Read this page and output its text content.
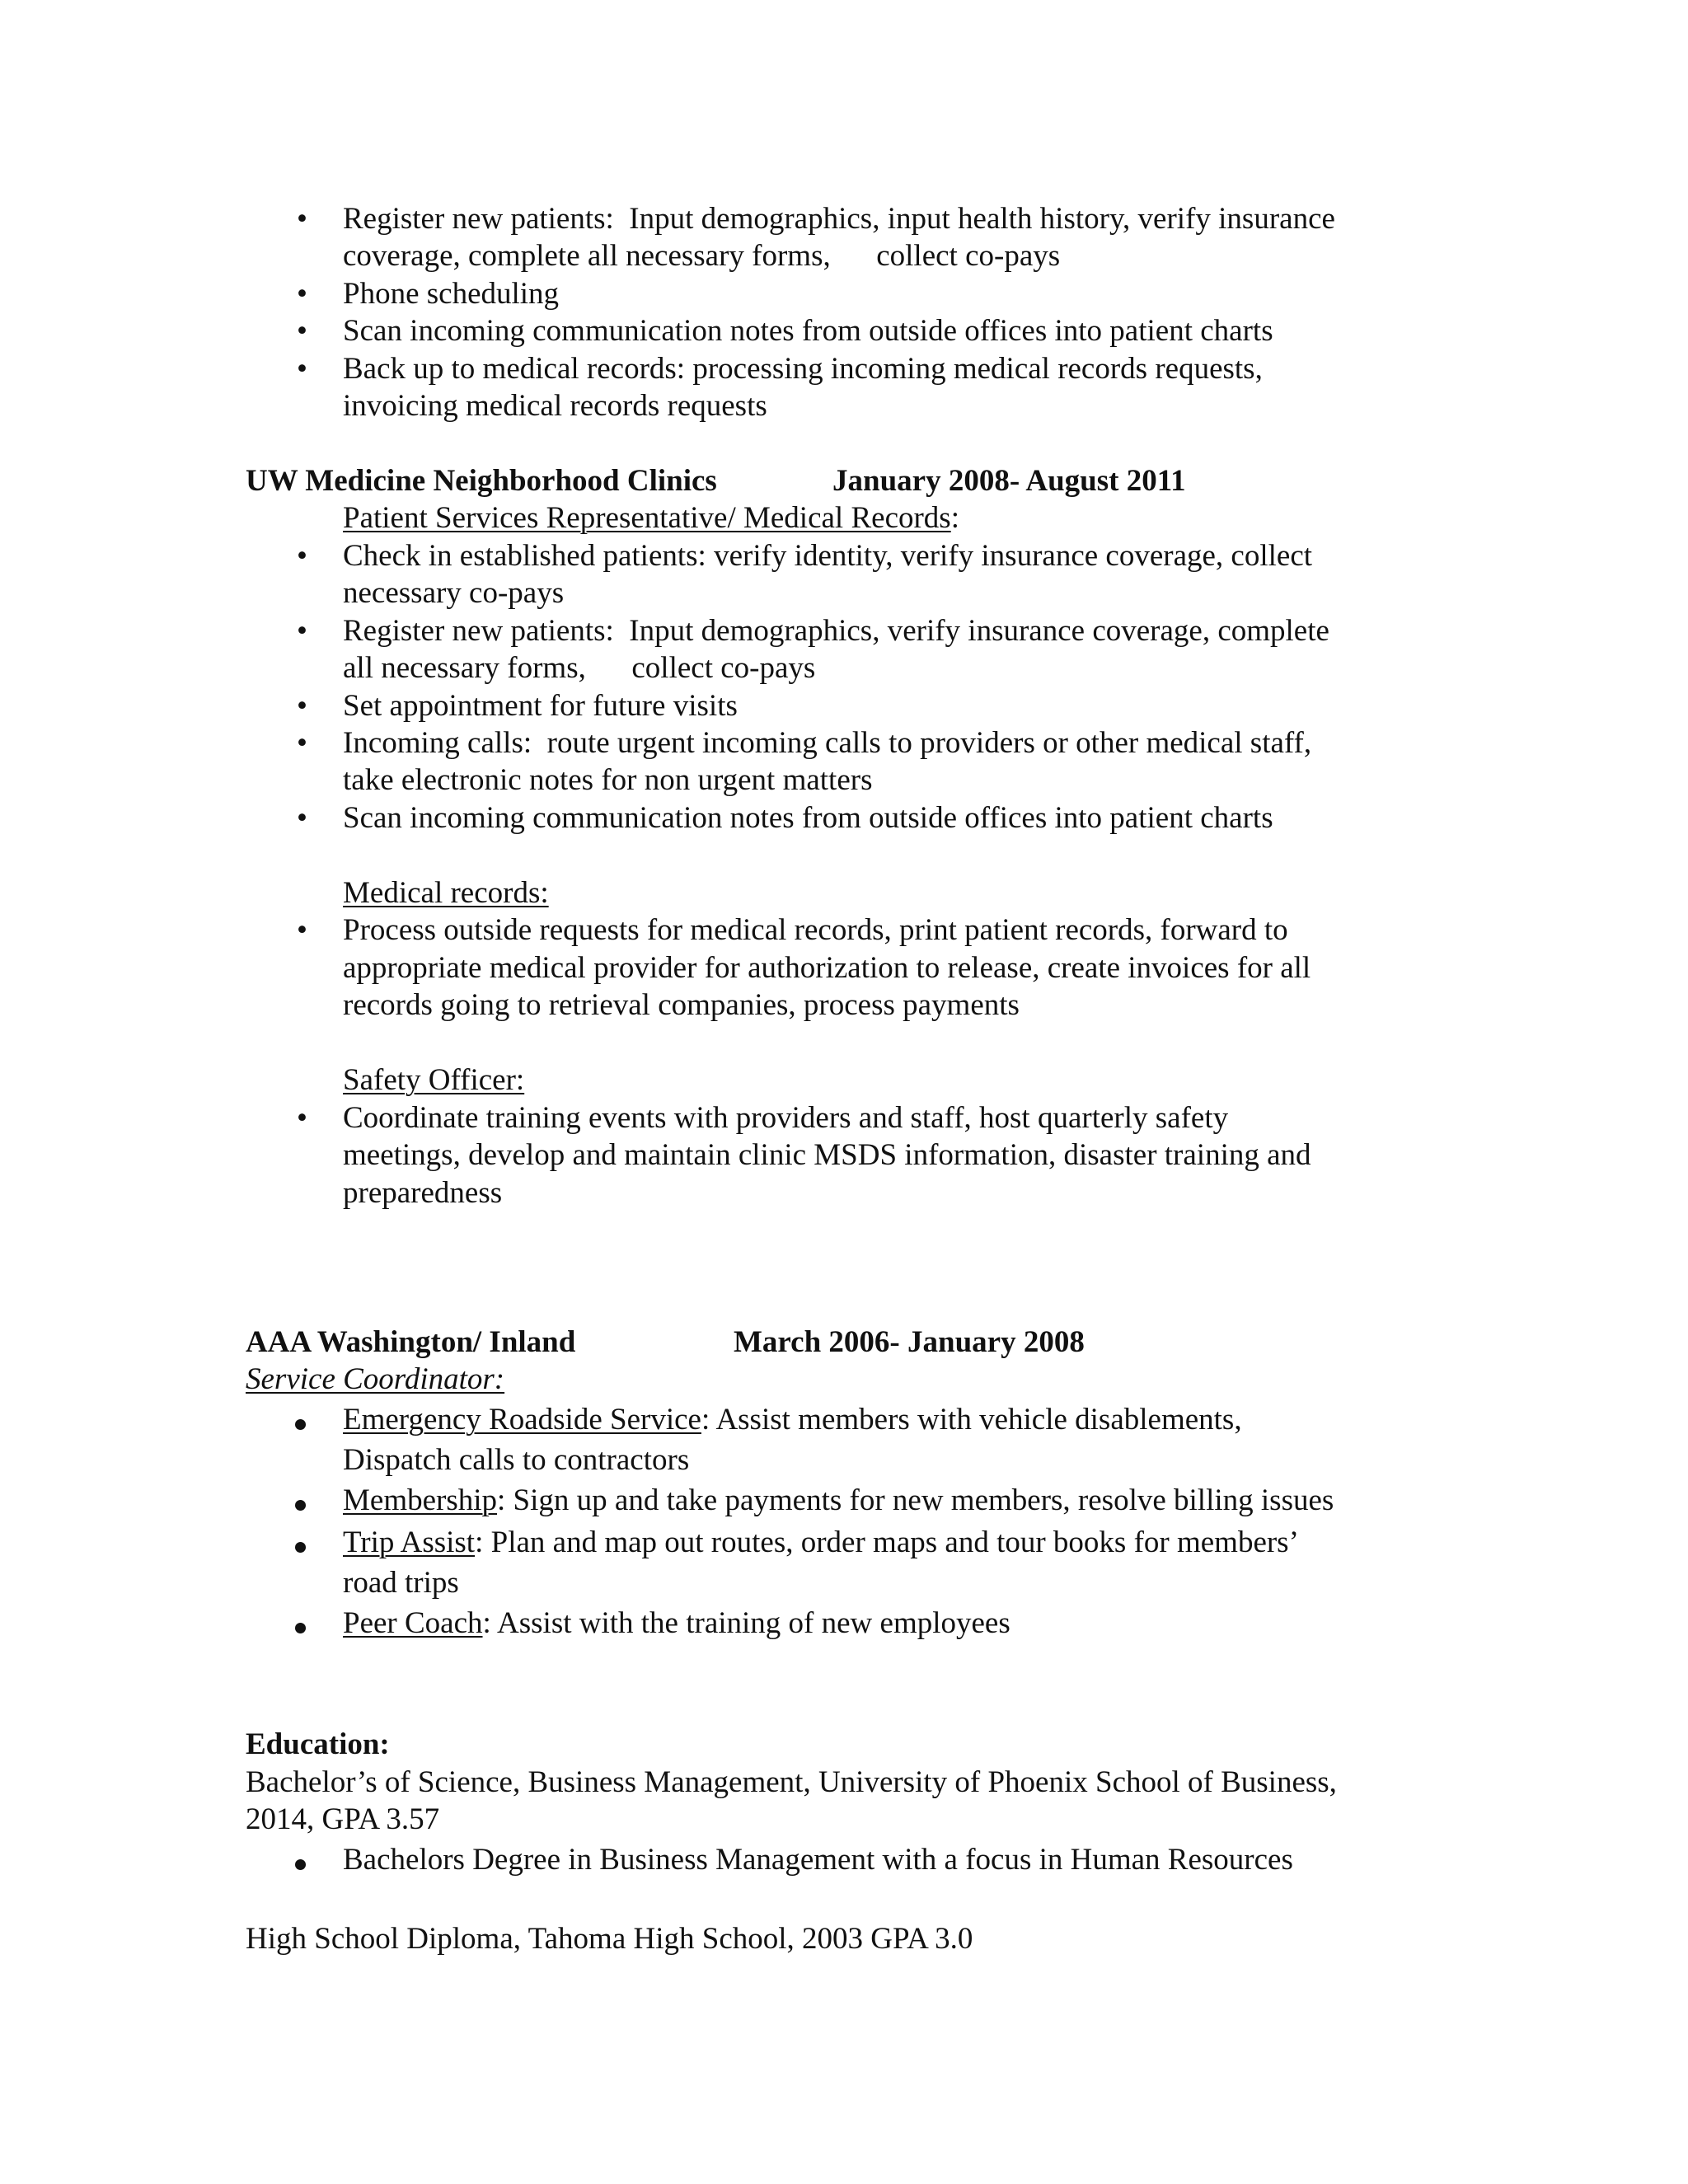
• Register new patients:  Input demographics, input health history, verify insurance
coverage, complete all necessary forms,      collect co-pays
• Phone scheduling
• Scan incoming communication notes from outside offices into patient charts
• Back up to medical records: processing incoming medical records requests,
invoicing medical records requests
UW Medicine Neighborhood Clinics	January 2008- August 2011
Patient Services Representative/ Medical Records:
• Check in established patients: verify identity, verify insurance coverage, collect
necessary co-pays
• Register new patients:  Input demographics, verify insurance coverage, complete
all necessary forms,      collect co-pays
• Set appointment for future visits
• Incoming calls:  route urgent incoming calls to providers or other medical staff,
take electronic notes for non urgent matters
• Scan incoming communication notes from outside offices into patient charts
Medical records:
• Process outside requests for medical records, print patient records, forward to
appropriate medical provider for authorization to release, create invoices for all
records going to retrieval companies, process payments
Safety Officer:
• Coordinate training events with providers and staff, host quarterly safety
meetings, develop and maintain clinic MSDS information, disaster training and
preparedness
AAA Washington/ Inland	March 2006- January 2008
Service Coordinator:
Emergency Roadside Service: Assist members with vehicle disablements,
Dispatch calls to contractors
Membership: Sign up and take payments for new members, resolve billing issues
Trip Assist: Plan and map out routes, order maps and tour books for members’
road trips
Peer Coach: Assist with the training of new employees
Education:
Bachelor’s of Science, Business Management, University of Phoenix School of Business,
2014, GPA 3.57
Bachelors Degree in Business Management with a focus in Human Resources
High School Diploma, Tahoma High School, 2003 GPA 3.0
